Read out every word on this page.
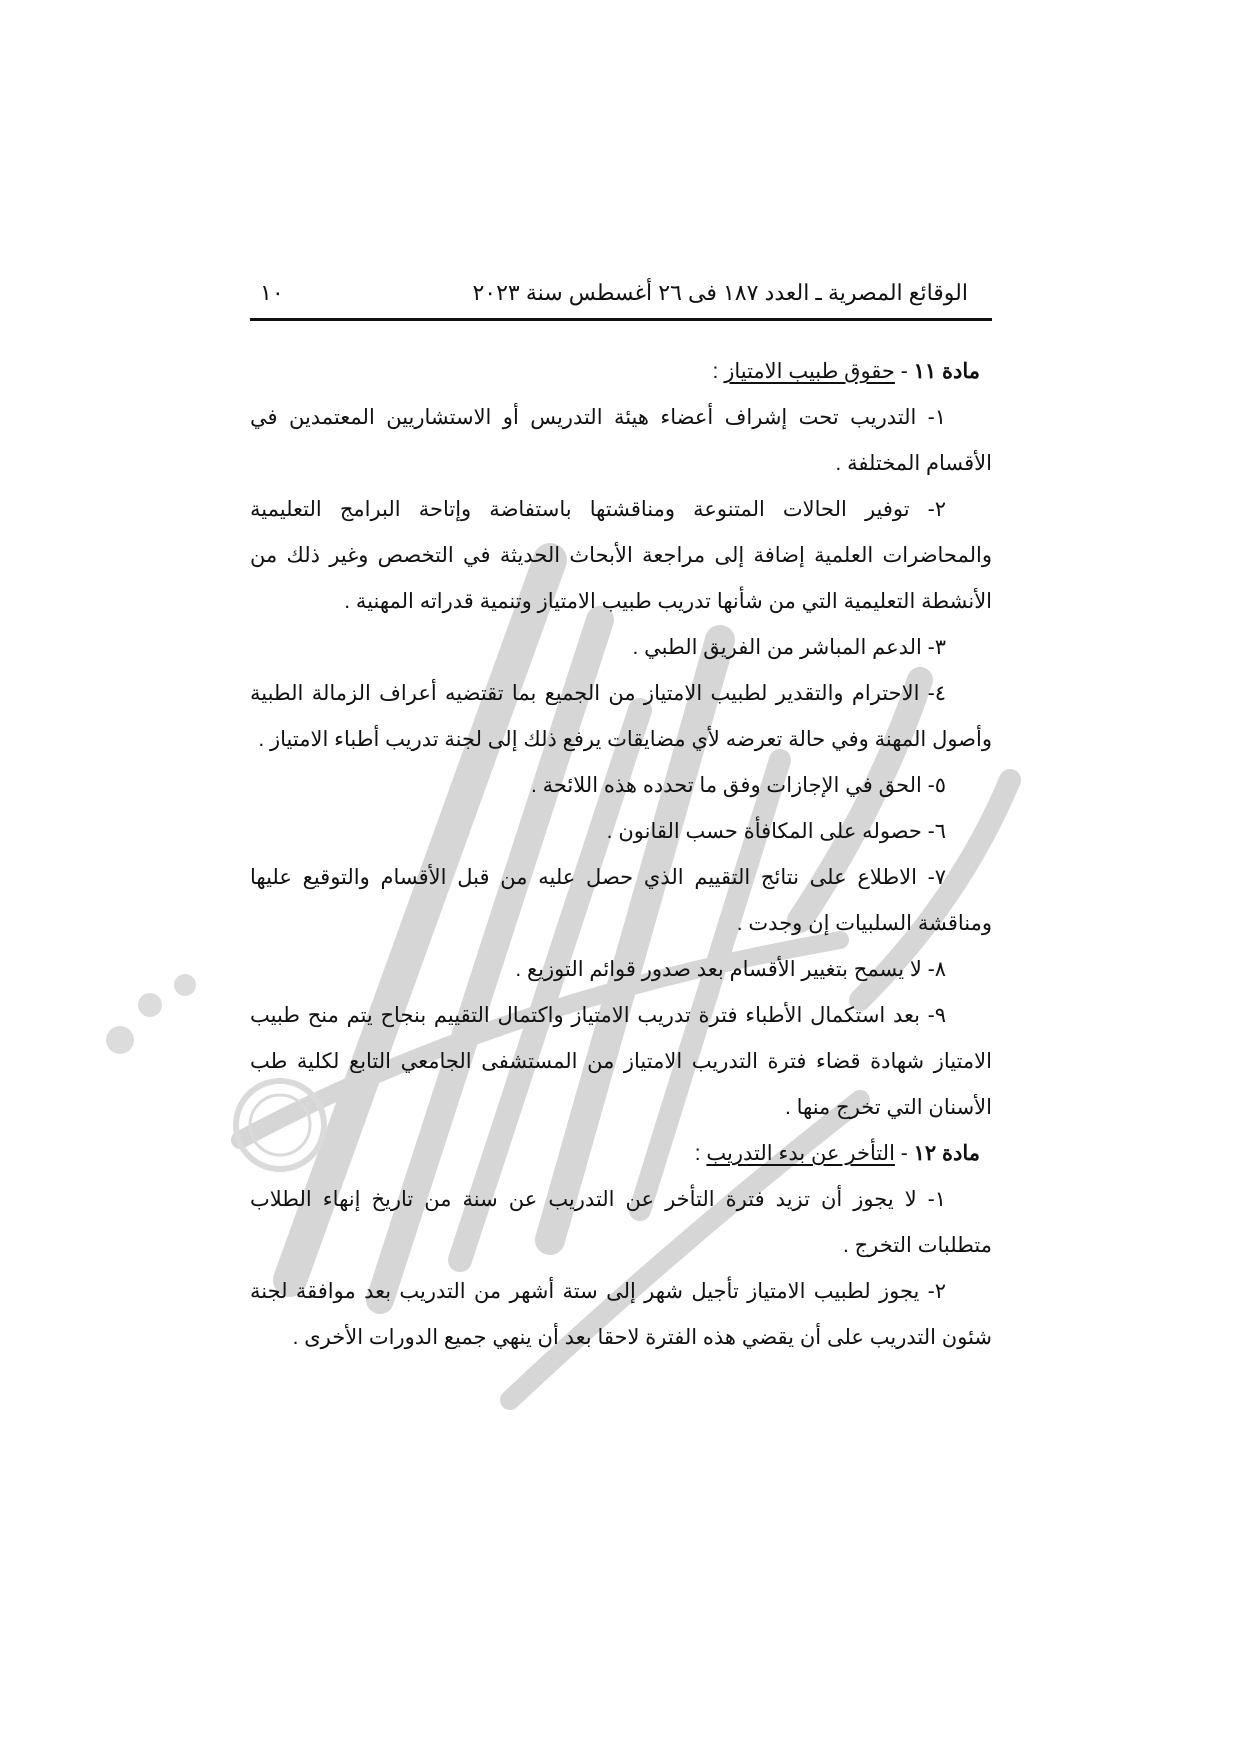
الوقائع المصرية ـ العدد ١٨٧ فى ٢٦ أغسطس سنة ٢٠٢٣
١٠
مادة ١١ - حقوق طبيب الامتياز :
١- التدريب تحت إشراف أعضاء هيئة التدريس أو الاستشاريين المعتمدين في الأقسام المختلفة .
٢- توفير الحالات المتنوعة ومناقشتها باستفاضة وإتاحة البرامج التعليمية والمحاضرات العلمية إضافة إلى مراجعة الأبحاث الحديثة في التخصص وغير ذلك من الأنشطة التعليمية التي من شأنها تدريب طبيب الامتياز وتنمية قدراته المهنية .
٣- الدعم المباشر من الفريق الطبي .
٤- الاحترام والتقدير لطبيب الامتياز من الجميع بما تقتضيه أعراف الزمالة الطبية وأصول المهنة وفي حالة تعرضه لأي مضايقات يرفع ذلك إلى لجنة تدريب أطباء الامتياز .
٥- الحق في الإجازات وفق ما تحدده هذه اللائحة .
٦- حصوله على المكافأة حسب القانون .
٧- الاطلاع على نتائج التقييم الذي حصل عليه من قبل الأقسام والتوقيع عليها ومناقشة السلبيات إن وجدت .
٨- لا يسمح بتغيير الأقسام بعد صدور قوائم التوزيع .
٩- بعد استكمال الأطباء فترة تدريب الامتياز واكتمال التقييم بنجاح يتم منح طبيب الامتياز شهادة قضاء فترة التدريب الامتياز من المستشفى الجامعي التابع لكلية طب الأسنان التي تخرج منها .
مادة ١٢ - التأخر عن بدء التدريب :
١- لا يجوز أن تزيد فترة التأخر عن التدريب عن سنة من تاريخ إنهاء الطلاب متطلبات التخرج .
٢- يجوز لطبيب الامتياز تأجيل شهر إلى ستة أشهر من التدريب بعد موافقة لجنة شئون التدريب على أن يقضي هذه الفترة لاحقا بعد أن ينهي جميع الدورات الأخرى .
